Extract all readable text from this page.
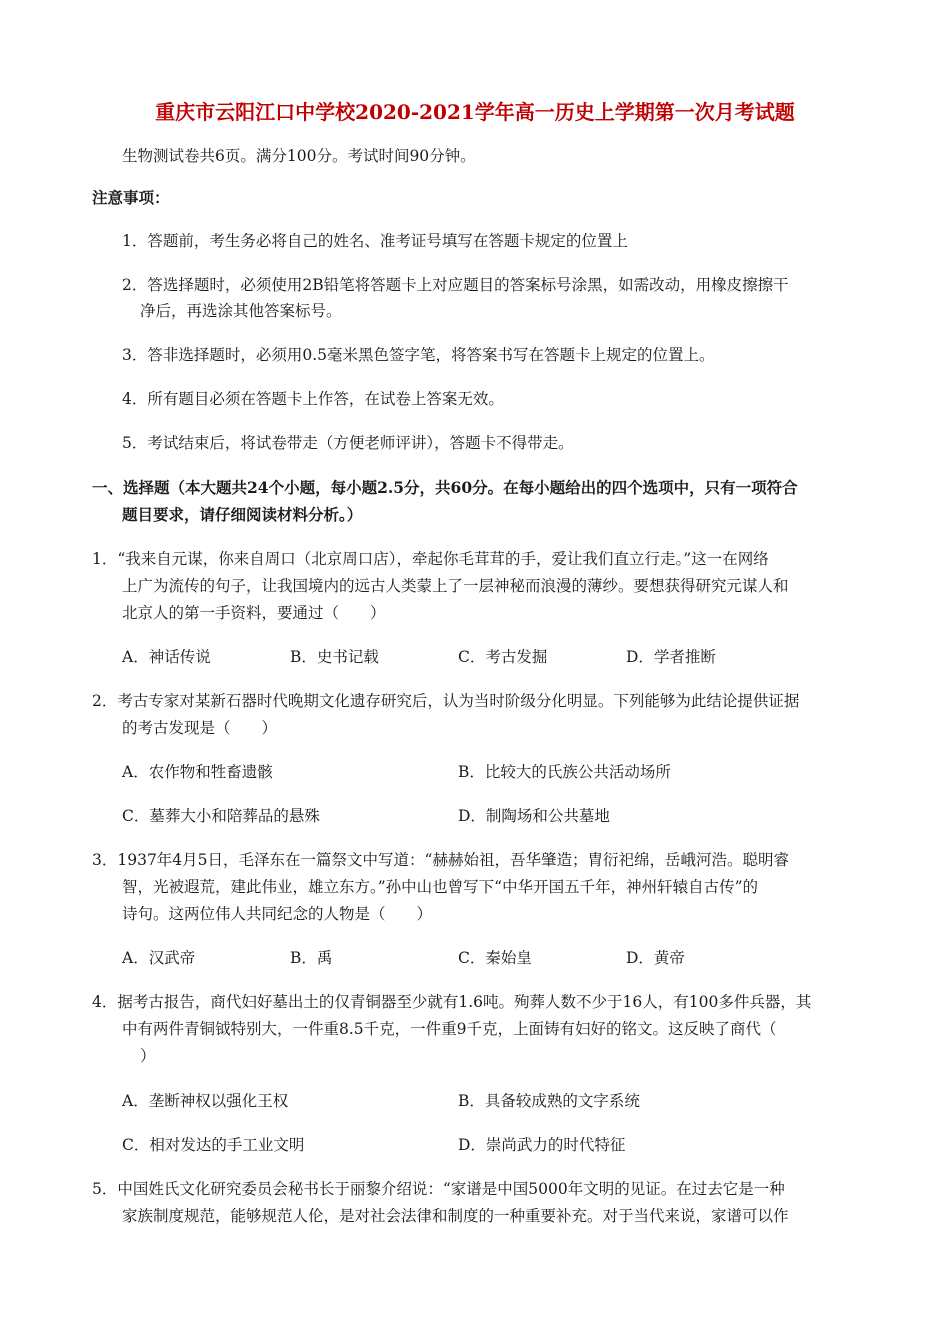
重庆市云阳江口中学校2020-2021学年高一历史上学期第一次月考试题
生物测试卷共6页。满分100分。考试时间90分钟。
注意事项：
1．答题前，考生务必将自己的姓名、准考证号填写在答题卡规定的位置上
2．答选择题时，必须使用2B铅笔将答题卡上对应题目的答案标号涂黑，如需改动，用橡皮擦擦干
净后，再选涂其他答案标号。
3．答非选择题时，必须用0.5毫米黑色签字笔，将答案书写在答题卡上规定的位置上。
4．所有题目必须在答题卡上作答，在试卷上答案无效。
5．考试结束后，将试卷带走（方便老师评讲），答题卡不得带走。
一、选择题（本大题共24个小题，每小题2.5分，共60分。在每小题给出的四个选项中，只有一项符合
题目要求，请仔细阅读材料分析。）
1．“我来自元谋，你来自周口（北京周口店），牵起你毛茸茸的手，爱让我们直立行走。”这一在网络
上广为流传的句子，让我国境内的远古人类蒙上了一层神秘而浪漫的薄纱。要想获得研究元谋人和
北京人的第一手资料，要通过（　　）
A．神话传说	B．史书记载	C．考古发掘	D．学者推断
2．考古专家对某新石器时代晚期文化遗存研究后，认为当时阶级分化明显。下列能够为此结论提供证据
的考古发现是（　　）
A．农作物和牲畜遗骸	B．比较大的氏族公共活动场所
C．墓葬大小和陪葬品的悬殊	D．制陶场和公共墓地
3．1937年4月5日，毛泽东在一篇祭文中写道：“赫赫始祖，吾华肇造；胄衍祀绵，岳峨河浩。聪明睿
智，光被遐荒，建此伟业，雄立东方。”孙中山也曾写下“中华开国五千年，神州轩辕自古传”的
诗句。这两位伟人共同纪念的人物是（　　）
A．汉武帝	B．禹	C．秦始皇	D．黄帝
4．据考古报告，商代妇好墓出土的仅青铜器至少就有1.6吨。殉葬人数不少于16人，有100多件兵器，其
中有两件青铜钺特别大，一件重8.5千克，一件重9千克，上面铸有妇好的铭文。这反映了商代（
）
A．垄断神权以强化王权	B．具备较成熟的文字系统
C．相对发达的手工业文明	D．崇尚武力的时代特征
5．中国姓氏文化研究委员会秘书长于丽黎介绍说：“家谱是中国5000年文明的见证。在过去它是一种
家族制度规范，能够规范人伦，是对社会法律和制度的一种重要补充。对于当代来说，家谱可以作
